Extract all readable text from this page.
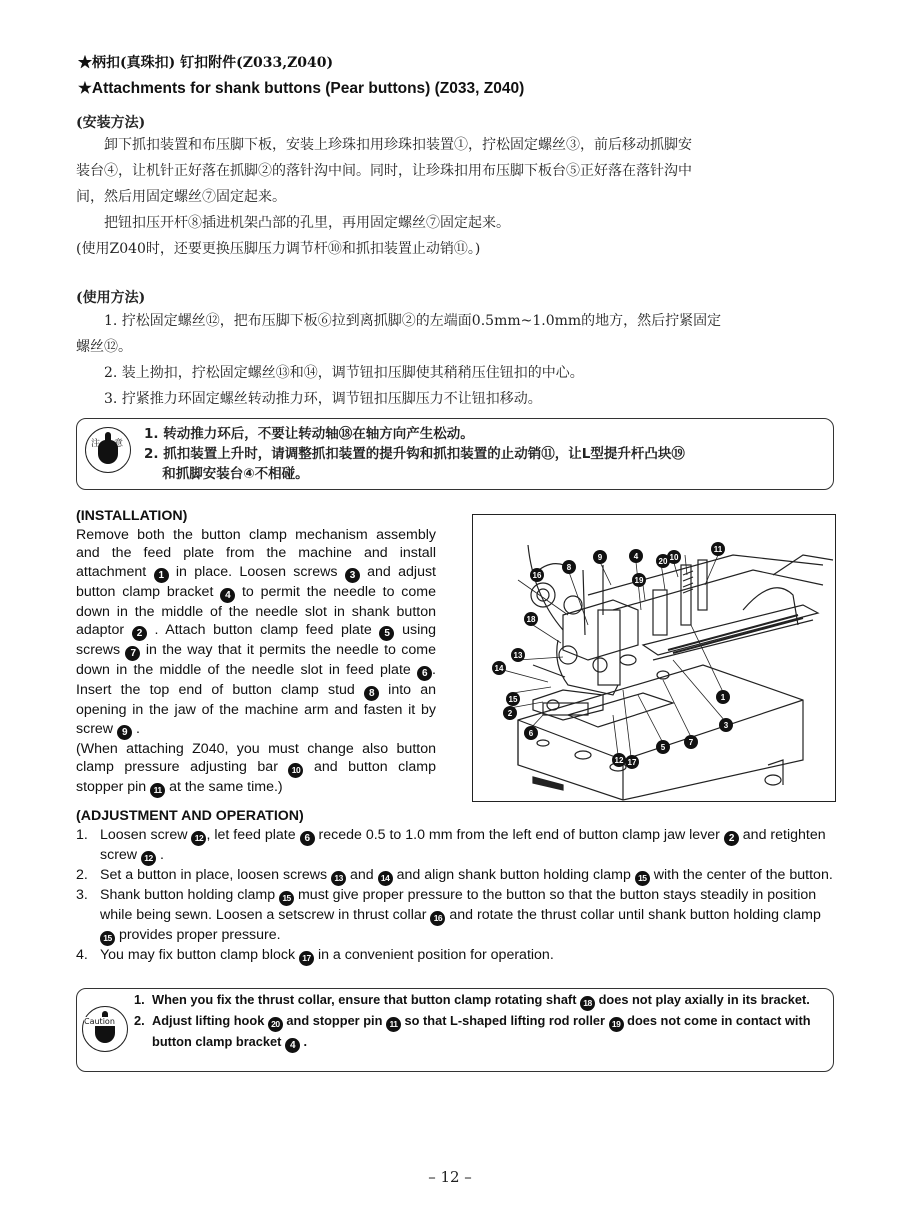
★柄扣(真珠扣) 钉扣附件(Z033,Z040)
★Attachments for shank buttons (Pear buttons) (Z033, Z040)
(安装方法)
　　卸下抓扣装置和布压脚下板，安装上珍珠扣用珍珠扣装置①，拧松固定螺丝③，前后移动抓脚安
装台④，让机针正好落在抓脚②的落针沟中间。同时，让珍珠扣用布压脚下板台⑤正好落在落针沟中
间，然后用固定螺丝⑦固定起来。
　　把钮扣压开杆⑧插进机架凸部的孔里，再用固定螺丝⑦固定起来。
(使用Z040时，还要更换压脚压力调节杆⑩和抓扣装置止动销⑪。)
(使用方法)
　　1. 拧松固定螺丝⑫，把布压脚下板⑥拉到离抓脚②的左端面0.5mm~1.0mm的地方，然后拧紧固定
螺丝⑫。
　　2. 装上拗扣，拧松固定螺丝⑬和⑭，调节钮扣压脚使其稍稍压住钮扣的中心。
　　3. 拧紧推力环固定螺丝转动推力环，调节钮扣压脚压力不让钮扣移动。
注 意
1. 转动推力环后，不要让转动轴⑱在轴方向产生松动。
2. 抓扣装置上升时，请调整抓扣装置的提升钩和抓扣装置的止动销⑪，让L型提升杆凸块⑲
　 和抓脚安装台④不相碰。
(INSTALLATION)
Remove both the button clamp mechanism assembly and the feed plate from the machine and install attachment 1 in place. Loosen screws 3 and adjust button clamp bracket 4 to permit the needle to come down in the middle of the needle slot in shank button adaptor 2 . Attach button clamp feed plate 5 using screws 7 in the way that it permits the needle to come down in the middle of the needle slot in feed plate 6 . Insert the top end of button clamp stud 8 into an opening in the jaw of the machine arm and fasten it by screw 9 .
(When attaching Z040, you must change also button clamp pressure adjusting bar 10 and button clamp stopper pin 11 at the same time.)
1
2
3
4
5
6
7
8
9	10
11
12
13
14
15
16
17
18
19
20
(ADJUSTMENT AND OPERATION)
1. Loosen screw 12 , let feed plate 6 recede 0.5 to 1.0 mm from the left end of button clamp jaw lever 2 and retighten screw 12 .
2. Set a button in place, loosen screws 13 and 14 and align shank button holding clamp 15 with the center of the button.
3. Shank button holding clamp 15 must give proper pressure to the button so that the button stays steadily in position while being sewn. Loosen a setscrew in thrust collar 16 and rotate the thrust collar until shank button holding clamp 15 provides proper pressure.
4. You may fix button clamp block 17 in a convenient position for operation.
Caution
1. When you fix the thrust collar, ensure that button clamp rotating shaft 18 does not play axially in its bracket.
2. Adjust lifting hook 20 and stopper pin 11 so that L-shaped lifting rod roller 19 does not come in contact with button clamp bracket 4 .
– 12 –
